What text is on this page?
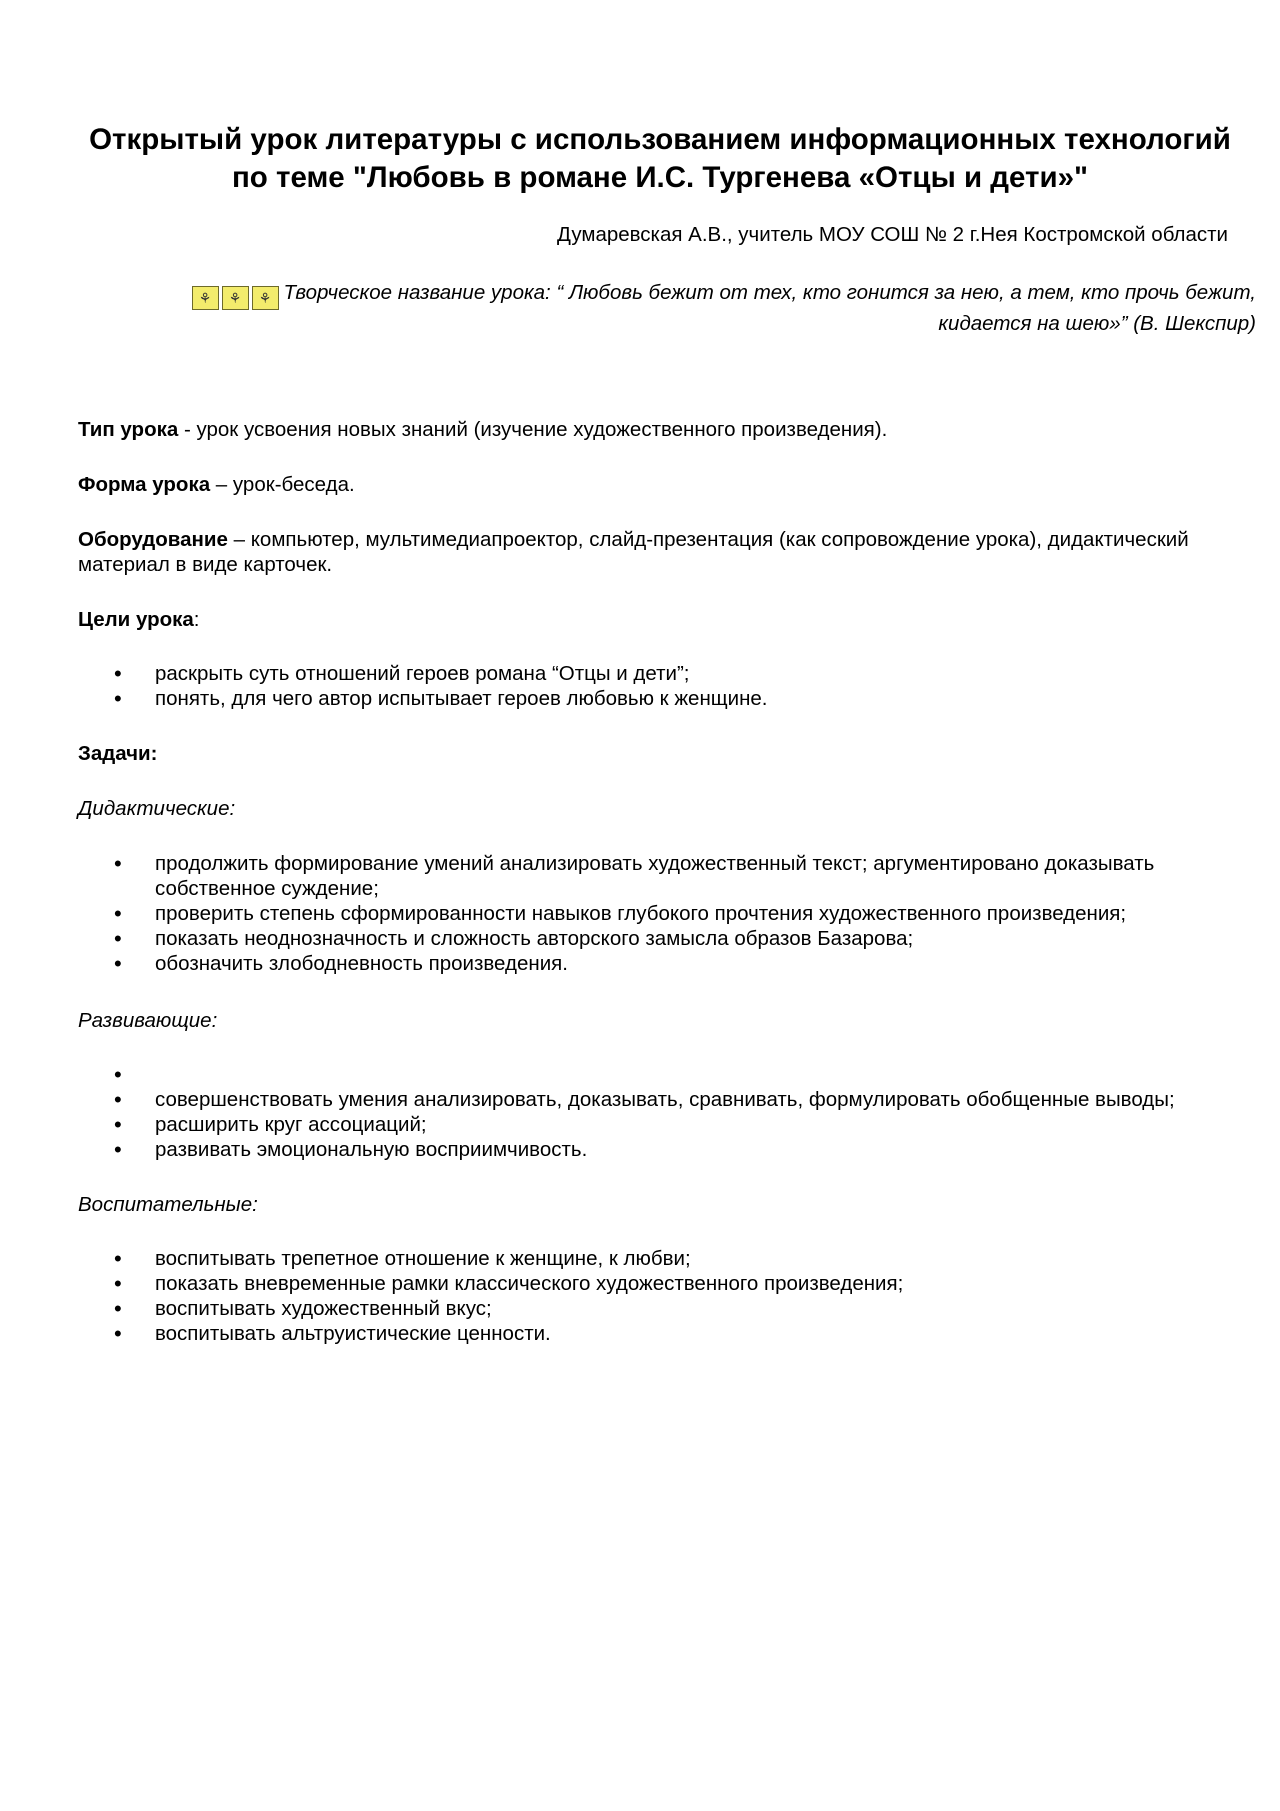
Открытый урок литературы с использованием информационных технологий
по теме "Любовь в романе И.С. Тургенева «Отцы и дети»"
Думаревская А.В., учитель МОУ СОШ № 2 г.Нея Костромской области
⚘ ⚘ ⚘ Творческое название урока: “ Любовь бежит от тех, кто гонится за нею, а тем, кто прочь бежит,
кидается на шею»” (В. Шекспир)
Тип урока - урок усвоения новых знаний (изучение художественного произведения).
Форма урока – урок-беседа.
Оборудование – компьютер, мультимедиапроектор, слайд-презентация (как сопровождение урока), дидактический
материал в виде карточек.
Цели урока:
• раскрыть суть отношений героев романа “Отцы и дети”;
• понять, для чего автор испытывает героев любовью к женщине.
Задачи:
Дидактические:
• продолжить формирование умений анализировать художественный текст; аргументировано доказывать собственное суждение;
• проверить степень сформированности навыков глубокого прочтения художественного произведения;
• показать неоднозначность и сложность авторского замысла образов Базарова;
• обозначить злободневность произведения.
Развивающие:
•
• совершенствовать умения анализировать, доказывать, сравнивать, формулировать обобщенные выводы;
• расширить круг ассоциаций;
• развивать эмоциональную восприимчивость.
Воспитательные:
• воспитывать трепетное отношение к женщине, к любви;
• показать вневременные рамки классического художественного произведения;
• воспитывать художественный вкус;
• воспитывать альтруистические ценности.
